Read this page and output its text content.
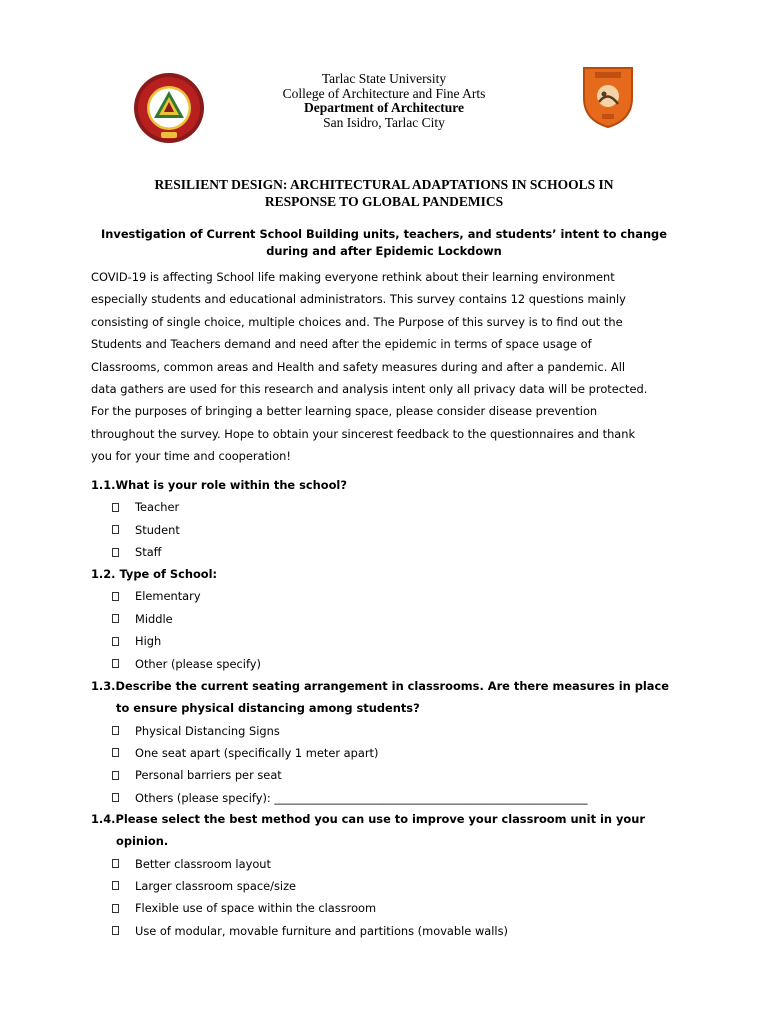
Tarlac State University
College of Architecture and Fine Arts
Department of Architecture
San Isidro, Tarlac City
RESILIENT DESIGN: ARCHITECTURAL ADAPTATIONS IN SCHOOLS IN
RESPONSE TO GLOBAL PANDEMICS
Investigation of Current School Building units, teachers, and students’ intent to change
during and after Epidemic Lockdown
COVID-19 is affecting School life making everyone rethink about their learning environment
especially students and educational administrators. This survey contains 12 questions mainly
consisting of single choice, multiple choices and. The Purpose of this survey is to find out the
Students and Teachers demand and need after the epidemic in terms of space usage of
Classrooms, common areas and Health and safety measures during and after a pandemic. All
data gathers are used for this research and analysis intent only all privacy data will be protected.
For the purposes of bringing a better learning space, please consider disease prevention
throughout the survey. Hope to obtain your sincerest feedback to the questionnaires and thank
you for your time and cooperation!
1.1.What is your role within the school?
Teacher
Student
Staff
1.2. Type of School:
Elementary
Middle
High
Other (please specify)
1.3.Describe the current seating arrangement in classrooms. Are there measures in place
to ensure physical distancing among students?
Physical Distancing Signs
One seat apart (specifically 1 meter apart)
Personal barriers per seat
Others (please specify): _______________________________________________________
1.4.Please select the best method you can use to improve your classroom unit in your
opinion.
Better classroom layout
Larger classroom space/size
Flexible use of space within the classroom
Use of modular, movable furniture and partitions (movable walls)
